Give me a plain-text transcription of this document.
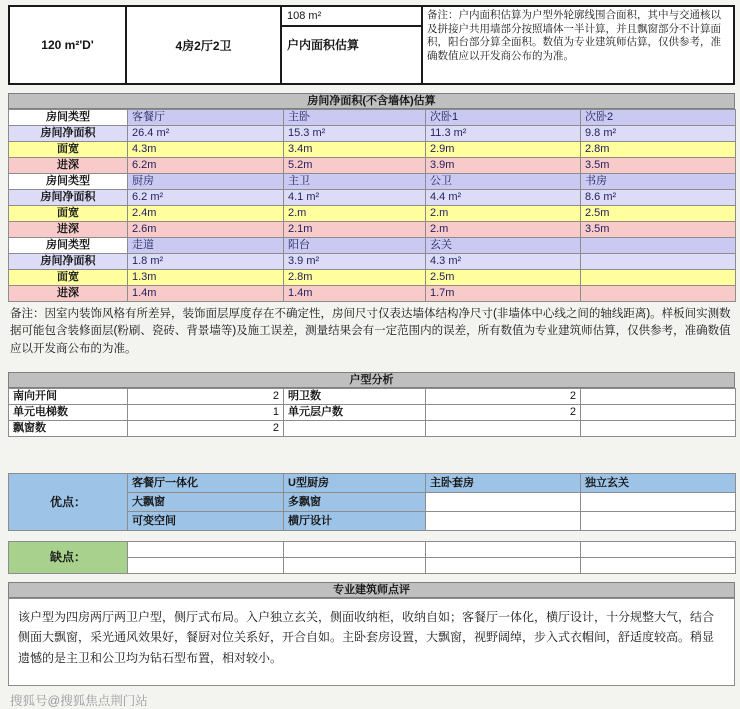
120 m²'D'	4房2厅2卫
108 m²
户内面积估算
备注：户内面积估算为户型外轮廓线围合面积，其中与交通核以及拼接户共用墙部分按照墙体一半计算，并且飘窗部分不计算面积，阳台部分算全面积。数值为专业建筑师估算，仅供参考，准确数值应以开发商公布的为准。
房间净面积(不含墙体)估算
房间类型	客餐厅	主卧	次卧1	次卧2
房间净面积	26.4 m²	15.3 m²	11.3 m²	9.8 m²
面宽	4.3m	3.4m	2.9m	2.8m
进深	6.2m	5.2m	3.9m	3.5m
房间类型	厨房	主卫	公卫	书房
房间净面积	6.2 m²	4.1 m²	4.4 m²	8.6 m²
面宽	2.4m	2.m	2.m	2.5m
进深	2.6m	2.1m	2.m	3.5m
房间类型	走道	阳台	玄关	
房间净面积	1.8 m²	3.9 m²	4.3 m²	
面宽	1.3m	2.8m	2.5m	
进深	1.4m	1.4m	1.7m	
备注：因室内装饰风格有所差异，装饰面层厚度存在不确定性，房间尺寸仅表达墙体结构净尺寸(非墙体中心线之间的轴线距离)。样板间实测数据可能包含装修面层(粉刷、瓷砖、背景墙等)及施工误差，测量结果会有一定范围内的误差，所有数值为专业建筑师估算，仅供参考，准确数值应以开发商公布的为准。
户型分析
南向开间	2	明卫数	2	
单元电梯数	1	单元层户数	2	
飘窗数	2			
优点：	客餐厅一体化	U型厨房	主卧套房	独立玄关
	大飘窗	多飘窗		
	可变空间	横厅设计		
缺点：				

专业建筑师点评
该户型为四房两厅两卫户型，侧厅式布局。入户独立玄关，侧面收纳柜，收纳自如；客餐厅一体化，横厅设计，十分规整大气，结合侧面大飘窗，采光通风效果好，餐厨对位关系好，开合自如。主卧套房设置，大飘窗，视野阔绰，步入式衣帽间，舒适度较高。稍显遗憾的是主卫和公卫均为钻石型布置，相对较小。
搜狐号@搜狐焦点荆门站
